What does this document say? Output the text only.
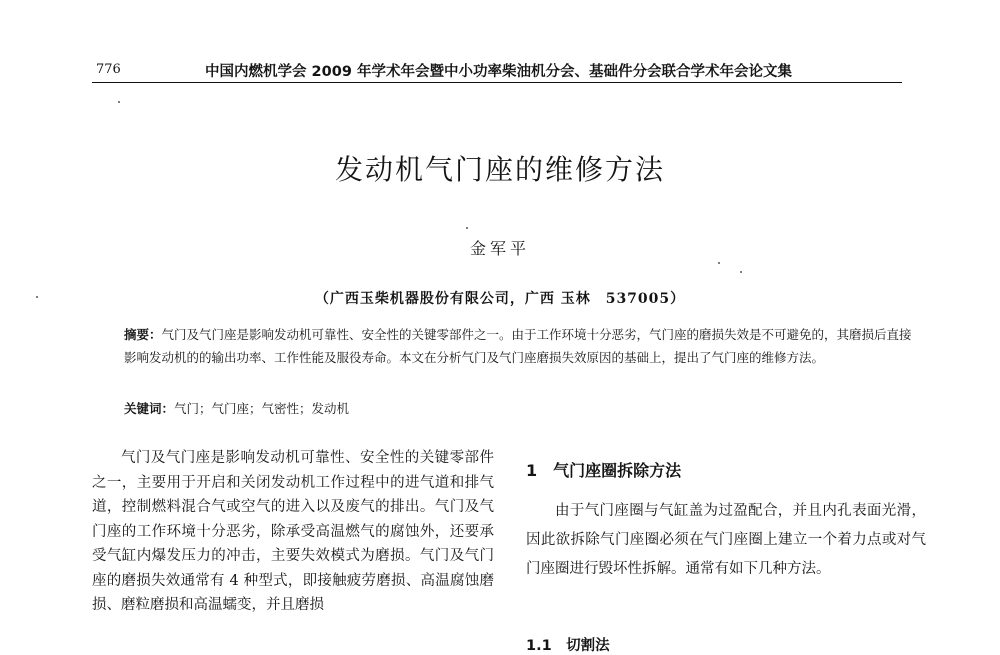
776	中国内燃机学会 2009 年学术年会暨中小功率柴油机分会、基础件分会联合学术年会论文集
发动机气门座的维修方法
金军平
（广西玉柴机器股份有限公司，广西 玉林　537005）

摘要：气门及气门座是影响发动机可靠性、安全性的关键零部件之一。由于工作环境十分恶劣，气门座的磨损失效是不可避免的，其磨损后直接影响发动机的的输出功率、工作性能及服役寿命。本文在分析气门及气门座磨损失效原因的基础上，提出了气门座的维修方法。

关键词：气门；气门座；气密性；发动机

气门及气门座是影响发动机可靠性、安全性的关键零部件之一，主要用于开启和关闭发动机工作过程中的进气道和排气道，控制燃料混合气或空气的进入以及废气的排出。气门及气门座的工作环境十分恶劣，除承受高温燃气的腐蚀外，还要承受气缸内爆发压力的冲击，主要失效模式为磨损。气门及气门座的磨损失效通常有 4 种型式，即接触疲劳磨损、高温腐蚀磨损、磨粒磨损和高温蠕变，并且磨损

1　气门座圈拆除方法

由于气门座圈与气缸盖为过盈配合，并且内孔表面光滑，因此欲拆除气门座圈必须在气门座圈上建立一个着力点或对气门座圈进行毁坏性拆解。通常有如下几种方法。

1.1　切割法
